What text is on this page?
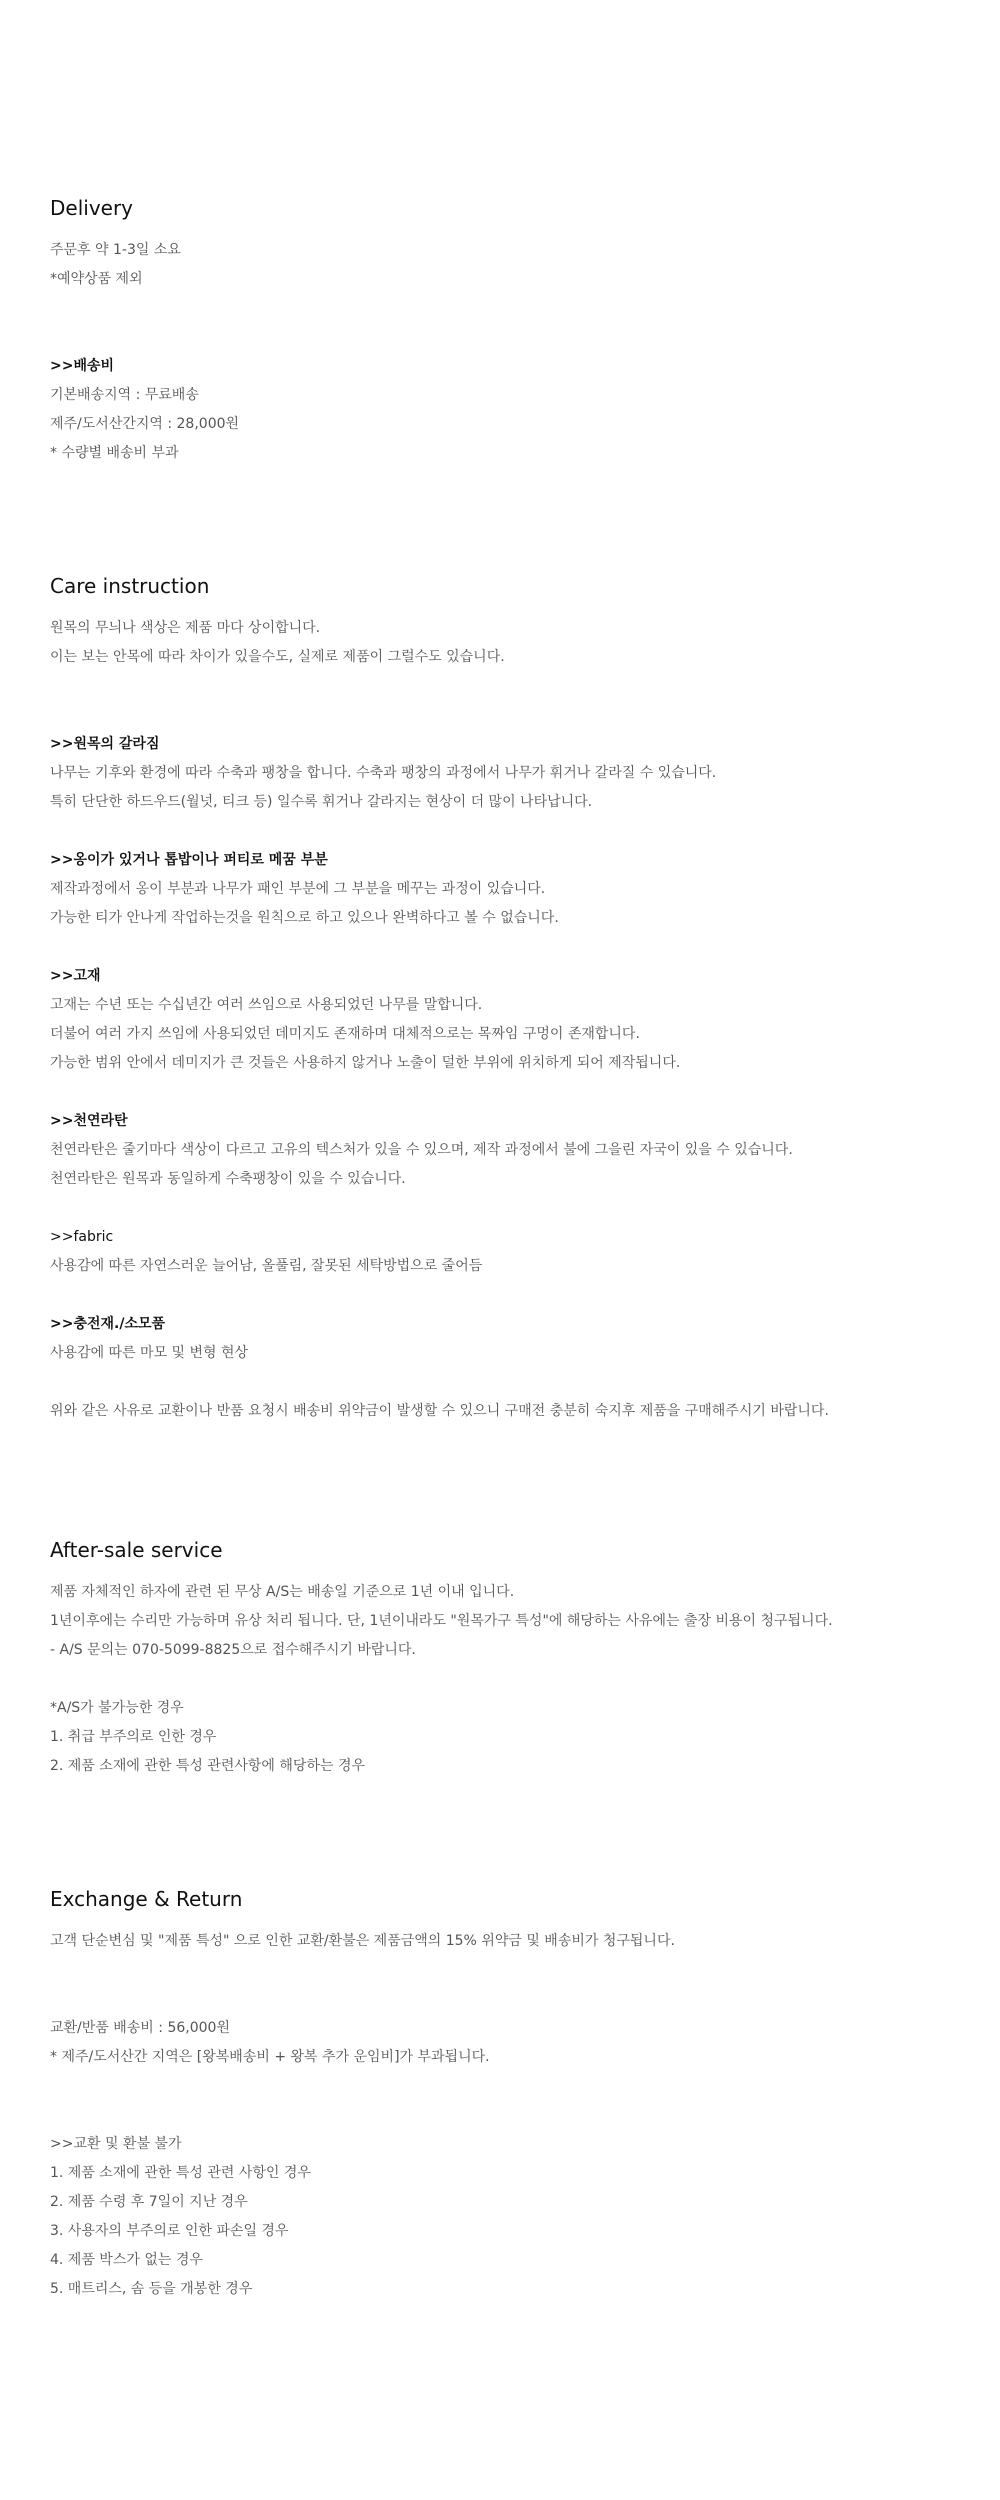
Delivery

주문후 약 1-3일 소요

*예약상품 제외

>>배송비

기본배송지역 : 무료배송

제주/도서산간지역 : 28,000원

* 수량별 배송비 부과

Care instruction

원목의 무늬나 색상은 제품 마다 상이합니다.

이는 보는 안목에 따라 차이가 있을수도, 실제로 제품이 그럴수도 있습니다.

>>원목의 갈라짐

나무는 기후와 환경에 따라 수축과 팽창을 합니다. 수축과 팽창의 과정에서 나무가 휘거나 갈라질 수 있습니다.

특히 단단한 하드우드(월넛, 티크 등) 일수록 휘거나 갈라지는 현상이 더 많이 나타납니다.

>>옹이가 있거나 톱밥이나 퍼티로 메꿈 부분

제작과정에서 옹이 부분과 나무가 패인 부분에 그 부분을 메꾸는 과정이 있습니다.

가능한 티가 안나게 작업하는것을 원칙으로 하고 있으나 완벽하다고 볼 수 없습니다.

>>고재

고재는 수년 또는 수십년간 여러 쓰임으로 사용되었던 나무를 말합니다.

더불어 여러 가지 쓰임에 사용되었던 데미지도 존재하며 대체적으로는 목짜임 구멍이 존재합니다.

가능한 범위 안에서 데미지가 큰 것들은 사용하지 않거나 노출이 덜한 부위에 위치하게 되어 제작됩니다.

>>천연라탄

천연라탄은 줄기마다 색상이 다르고 고유의 텍스처가 있을 수 있으며, 제작 과정에서 불에 그을린 자국이 있을 수 있습니다.

천연라탄은 원목과 동일하게 수축팽창이 있을 수 있습니다.

>>fabric

사용감에 따른 자연스러운 늘어남, 올풀림, 잘못된 세탁방법으로 줄어듬

>>충전재./소모품

사용감에 따른 마모 및 변형 현상

위와 같은 사유로 교환이나 반품 요청시 배송비 위약금이 발생할 수 있으니 구매전 충분히 숙지후 제품을 구매해주시기 바랍니다.

After-sale service

제품 자체적인 하자에 관련 된 무상 A/S는 배송일 기준으로 1년 이내 입니다.

1년이후에는 수리만 가능하며 유상 처리 됩니다. 단, 1년이내라도 "원목가구 특성"에 해당하는 사유에는 출장 비용이 청구됩니다.

- A/S 문의는 070-5099-8825으로 접수해주시기 바랍니다.

*A/S가 불가능한 경우

1. 취급 부주의로 인한 경우

2. 제품 소재에 관한 특성 관련사항에 해당하는 경우

Exchange & Return

고객 단순변심 및 "제품 특성" 으로 인한 교환/환불은 제품금액의 15% 위약금 및 배송비가 청구됩니다.

교환/반품 배송비 : 56,000원

* 제주/도서산간 지역은 [왕복배송비 + 왕복 추가 운임비]가 부과됩니다.

>>교환 및 환불 불가

1. 제품 소재에 관한 특성 관련 사항인 경우

2. 제품 수령 후 7일이 지난 경우

3. 사용자의 부주의로 인한 파손일 경우

4. 제품 박스가 없는 경우

5. 매트리스, 솜 등을 개봉한 경우
